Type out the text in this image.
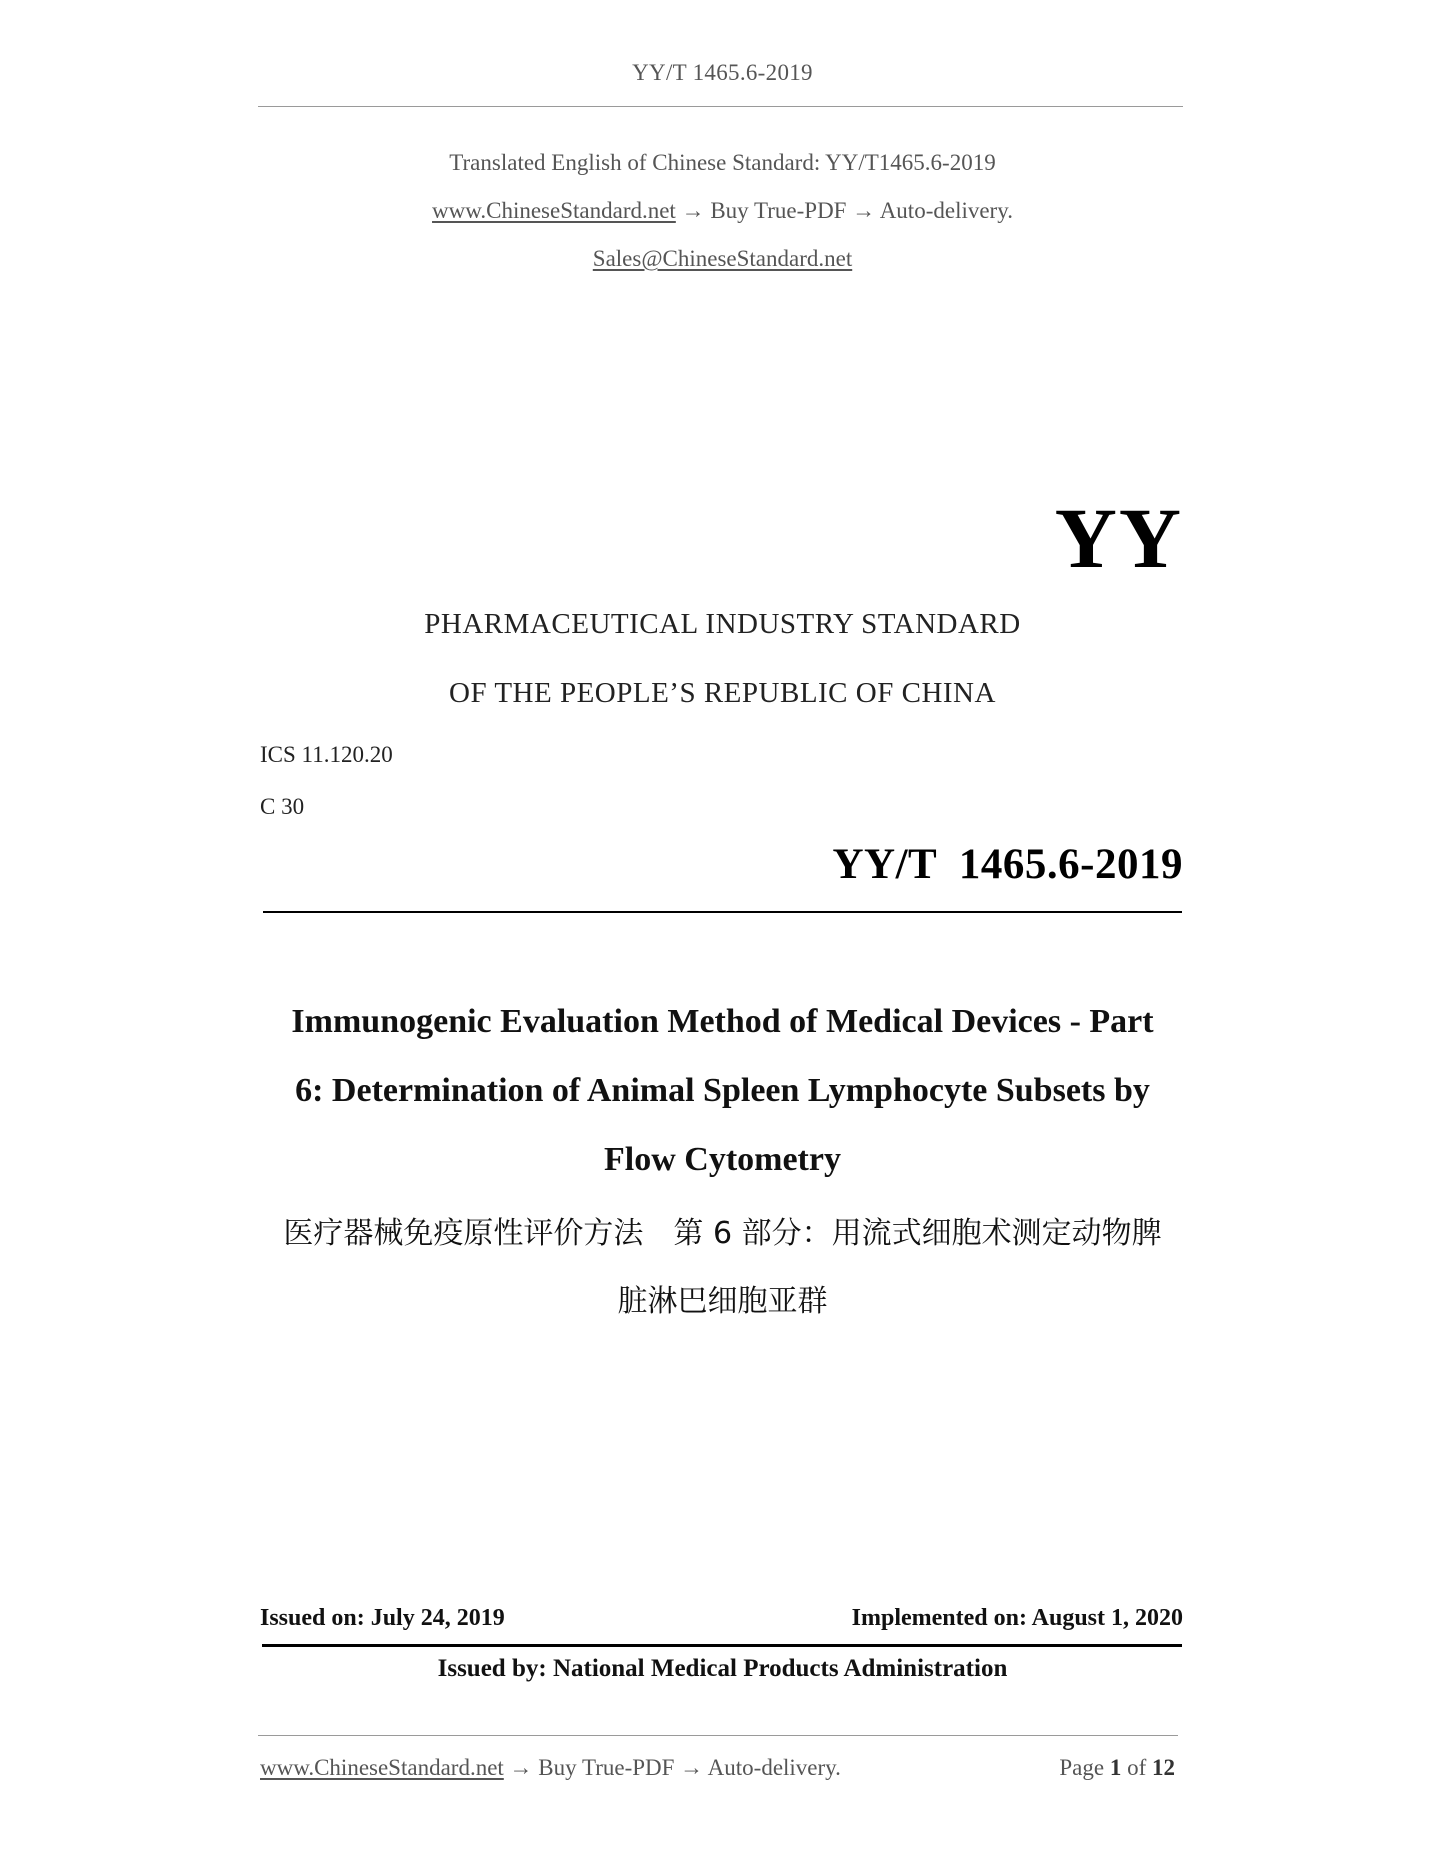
YY/T 1465.6-2019
Translated English of Chinese Standard: YY/T1465.6-2019
www.ChineseStandard.net → Buy True-PDF → Auto-delivery.
Sales@ChineseStandard.net
YY
PHARMACEUTICAL INDUSTRY STANDARD
OF THE PEOPLE’S REPUBLIC OF CHINA
ICS 11.120.20
C 30
YY/T  1465.6-2019
Immunogenic Evaluation Method of Medical Devices - Part
6: Determination of Animal Spleen Lymphocyte Subsets by
Flow Cytometry
医疗器械免疫原性评价方法　第 6 部分：用流式细胞术测定动物脾
脏淋巴细胞亚群
Issued on: July 24, 2019	Implemented on: August 1, 2020
Issued by: National Medical Products Administration
www.ChineseStandard.net → Buy True-PDF → Auto-delivery.	Page 1 of 12
